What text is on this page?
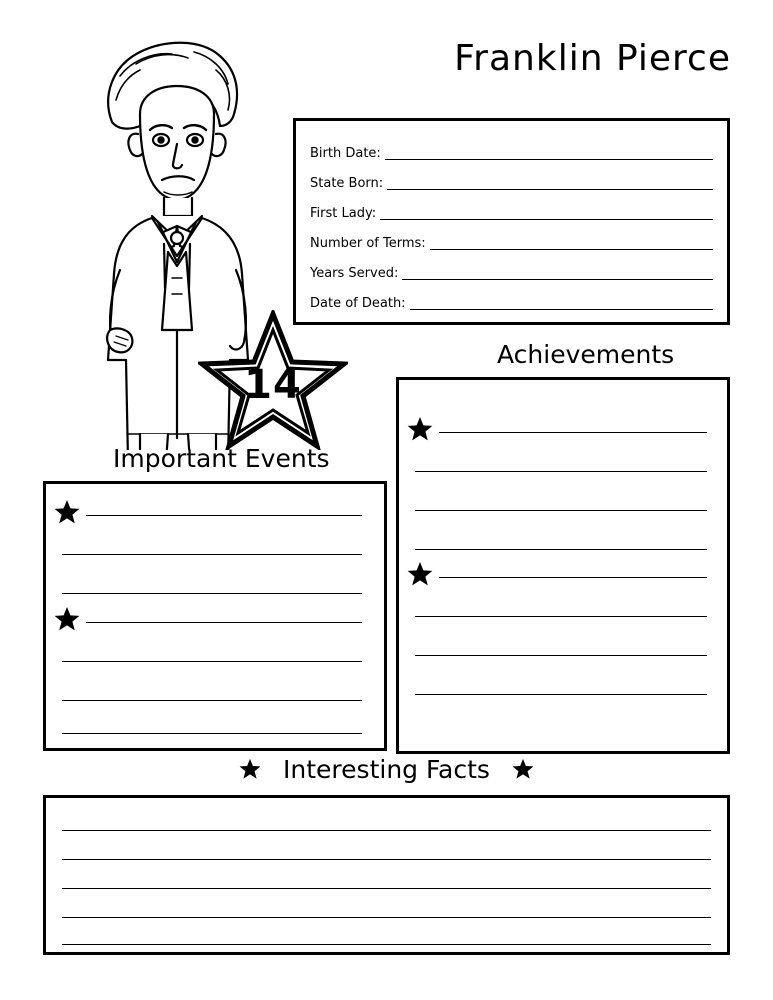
Franklin Pierce
14
Birth Date:
State Born:
First Lady:
Number of Terms:
Years Served:
Date of Death:
Achievements
Important Events
Interesting Facts
